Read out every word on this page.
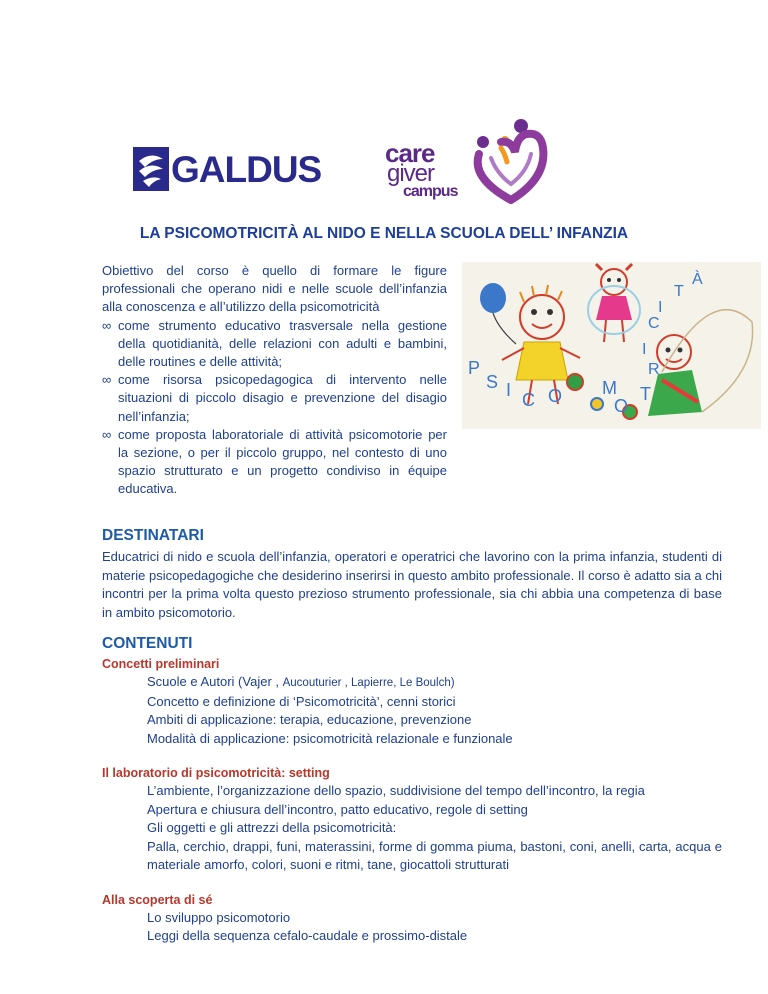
GALDUS care
giver
campus
LA PSICOMOTRICITÀ AL NIDO E NELLA SCUOLA DELL’ INFANZIA

Obiettivo del corso è quello di formare le figure professionali che operano nidi e nelle scuole dell’infanzia alla conoscenza e all’utilizzo della psicomotricità

∞ come strumento educativo trasversale nella gestione della quotidianità, delle relazioni con adulti e bambini, delle routines e delle attività;
∞ come risorsa psicopedagogica di intervento nelle situazioni di piccolo disagio e prevenzione del disagio nell’infanzia;
∞ come proposta laboratoriale di attività psicomotorie per la sezione, o per il piccolo gruppo, nel contesto di uno spazio strutturato e un progetto condiviso in équipe educativa.
P
S I C O M
O
T
R
I
C
I
T
À
DESTINATARI

Educatrici di nido e scuola dell’infanzia, operatori e operatrici che lavorino con la prima infanzia, studenti di materie psicopedagogiche che desiderino inserirsi in questo ambito professionale. Il corso è adatto sia a chi incontri per la prima volta questo prezioso strumento professionale, sia chi abbia una competenza di base in ambito psicomotorio.

CONTENUTI
Concetti preliminari
Scuole e Autori (Vajer , Aucouturier , Lapierre, Le Boulch)
Concetto e definizione di ‘Psicomotricità’, cenni storici
Ambiti di applicazione: terapia, educazione, prevenzione
Modalità di applicazione: psicomotricità relazionale e funzionale
Il laboratorio di psicomotricità: setting
L’ambiente, l’organizzazione dello spazio, suddivisione del tempo dell’incontro, la regia
Apertura e chiusura dell’incontro, patto educativo, regole di setting
Gli oggetti e gli attrezzi della psicomotricità:
Palla, cerchio, drappi, funi, materassini, forme di gomma piuma, bastoni, coni, anelli, carta, acqua e materiale amorfo, colori, suoni e ritmi, tane, giocattoli strutturati
Alla scoperta di sé
Lo sviluppo psicomotorio
Leggi della sequenza cefalo-caudale e prossimo-distale
